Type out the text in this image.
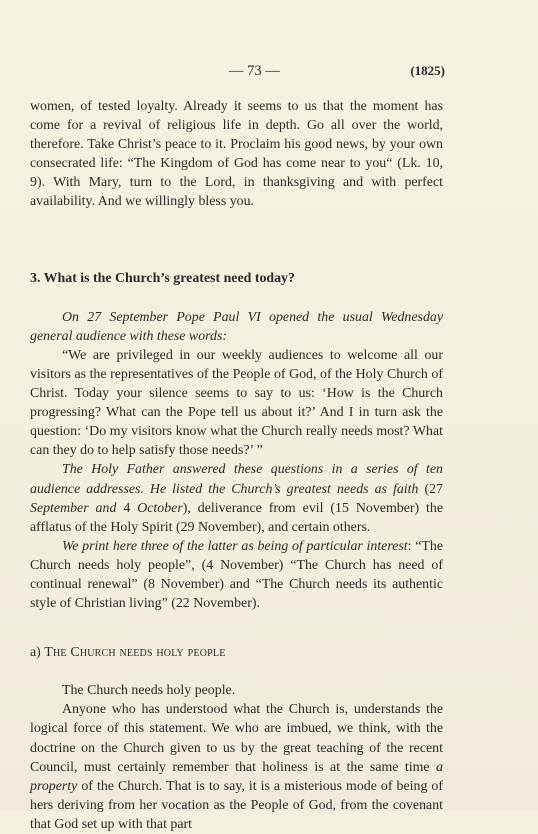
— 73 —	(1825)

women, of tested loyalty. Already it seems to us that the moment has come for a revival of religious life in depth. Go all over the world, therefore. Take Christ’s peace to it. Proclaim his good news, by your own consecrated life: “The Kingdom of God has come near to you“ (Lk. 10, 9). With Mary, turn to the Lord, in thanksgiving and with perfect availability. And we willingly bless you.

3. What is the Church’s greatest need today?

On 27 September Pope Paul VI opened the usual Wednesday general audience with these words:

“We are privileged in our weekly audiences to welcome all our visitors as the representatives of the People of God, of the Holy Church of Christ. Today your silence seems to say to us: ‘How is the Church progressing? What can the Pope tell us about it?’ And I in turn ask the question: ‘Do my visitors know what the Church really needs most? What can they do to help satisfy those needs?’ ”

The Holy Father answered these questions in a series of ten audience addresses. He listed the Church’s greatest needs as faith (27 September and 4 October), deliverance from evil (15 November) the afflatus of the Holy Spirit (29 November), and certain others.

We print here three of the latter as being of particular interest: “The Church needs holy people”, (4 November) “The Church has need of continual renewal” (8 November) and “The Church needs its authentic style of Christian living” (22 November).

a) The Church needs holy people

The Church needs holy people.

Anyone who has understood what the Church is, understands the logical force of this statement. We who are imbued, we think, with the doctrine on the Church given to us by the great teaching of the recent Council, must certainly remember that holiness is at the same time a property of the Church. That is to say, it is a misterious mode of being of hers deriving from her vocation as the People of God, from the covenant that God set up with that part
